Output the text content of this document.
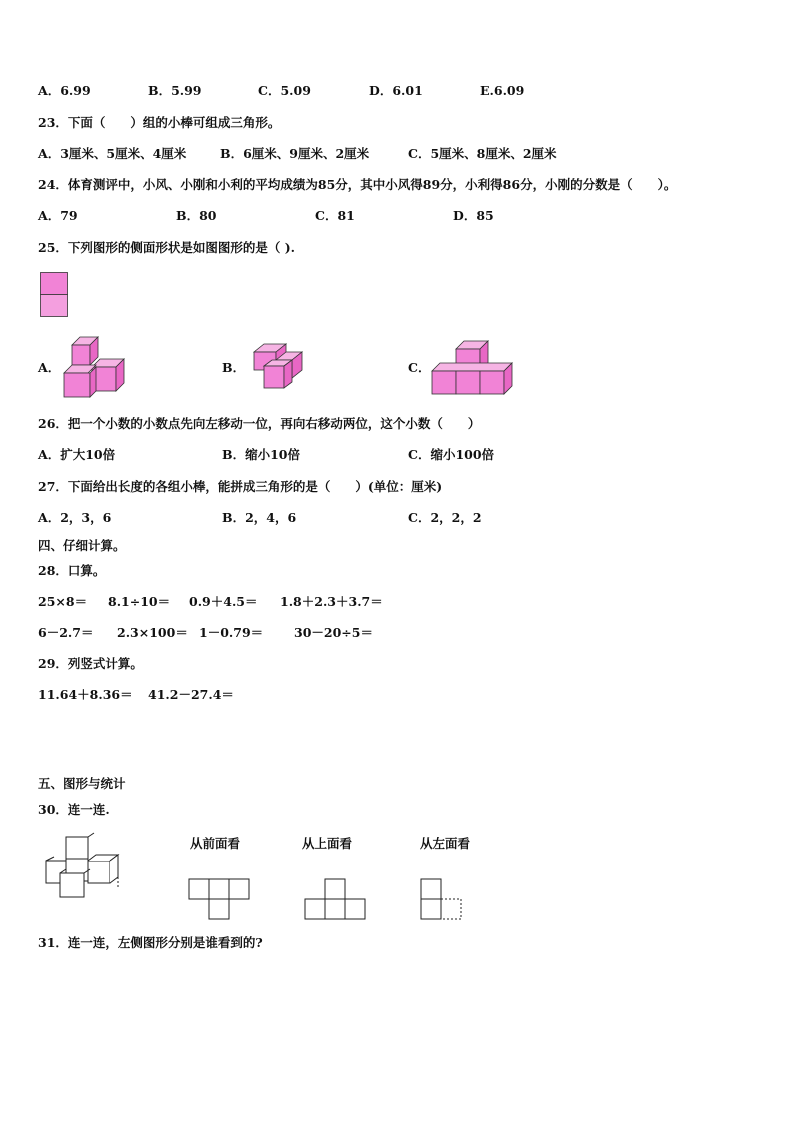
A．6.99	B．5.99	C．5.09	D．6.01	E.6.09
23．下面（　　）组的小棒可组成三角形。
A．3厘米、5厘米、4厘米	B．6厘米、9厘米、2厘米	C．5厘米、8厘米、2厘米
24．体育测评中，小风、小刚和小利的平均成绩为85分，其中小风得89分，小利得86分，小刚的分数是（　　）。
A．79	B．80	C．81	D．85
25．下列图形的侧面形状是如图图形的是（ ).
A．	B．	C．
26．把一个小数的小数点先向左移动一位，再向右移动两位，这个小数（　　）
A．扩大10倍	B．缩小10倍	C．缩小100倍
27．下面给出长度的各组小棒，能拼成三角形的是（　　）(单位：厘米)
A．2，3，6	B．2，4，6	C．2，2，2
四、仔细计算。
28．口算。
25×8＝ 8.1÷10＝ 0.9＋4.5＝ 1.8＋2.3＋3.7＝
6－2.7＝ 2.3×100＝ 1－0.79＝ 30－20÷5＝
29．列竖式计算。
11.64＋8.36＝ 41.2－27.4＝
五、图形与统计
30．连一连.
从前面看	从上面看	从左面看
31．连一连，左侧图形分别是谁看到的?
